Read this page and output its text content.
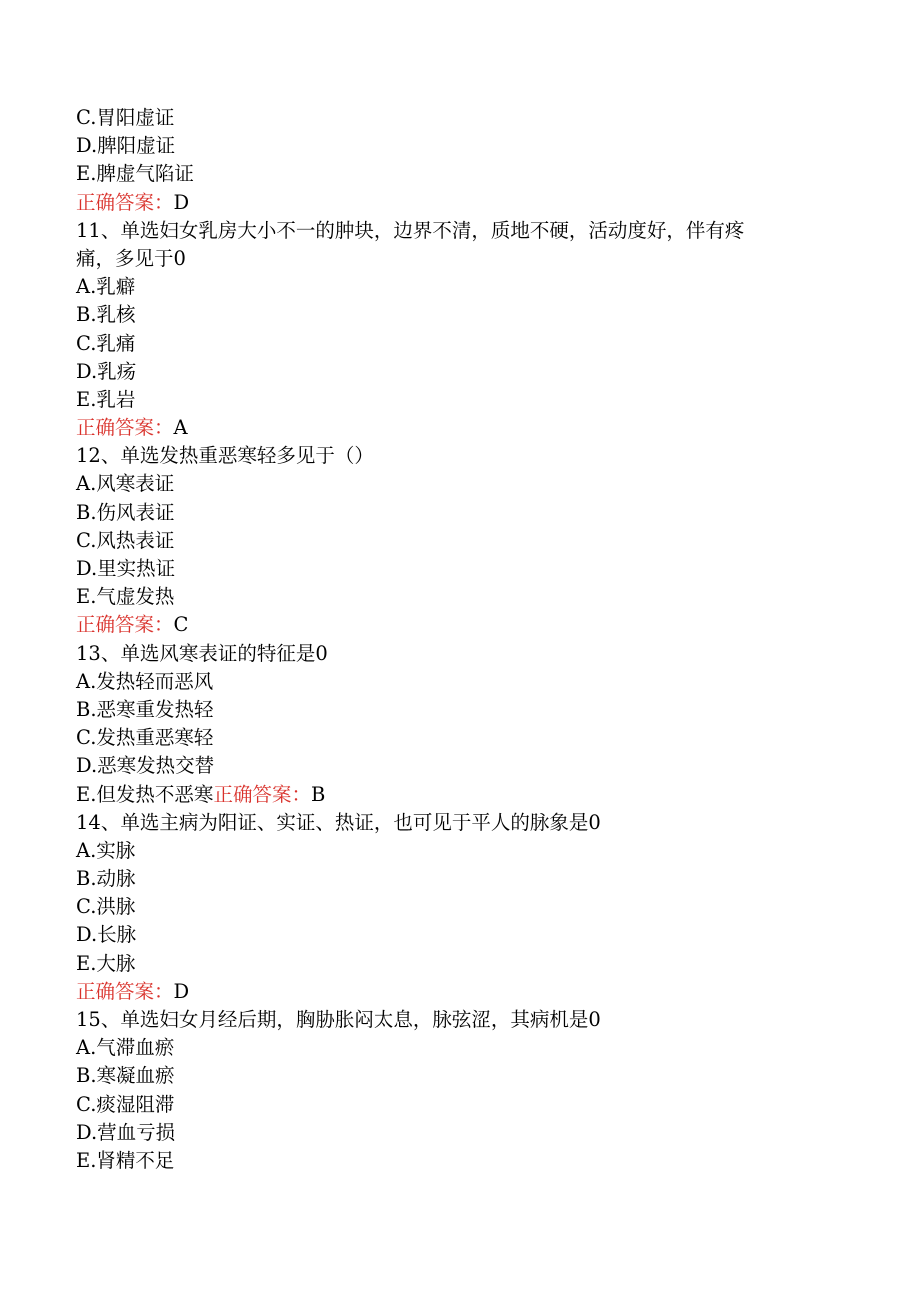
C.胃阳虚证
D.脾阳虚证
E.脾虚气陷证
正确答案：D
11、单选妇女乳房大小不一的肿块，边界不清，质地不硬，活动度好，伴有疼
痛，多见于0
A.乳癖
B.乳核
C.乳痛
D.乳疡
E.乳岩
正确答案：A
12、单选发热重恶寒轻多见于（）
A.风寒表证
B.伤风表证
C.风热表证
D.里实热证
E.气虚发热
正确答案：C
13、单选风寒表证的特征是0
A.发热轻而恶风
B.恶寒重发热轻
C.发热重恶寒轻
D.恶寒发热交替
E.但发热不恶寒正确答案：B
14、单选主病为阳证、实证、热证，也可见于平人的脉象是0
A.实脉
B.动脉
C.洪脉
D.长脉
E.大脉
正确答案：D
15、单选妇女月经后期，胸胁胀闷太息，脉弦涩，其病机是0
A.气滞血瘀
B.寒凝血瘀
C.痰湿阻滞
D.营血亏损
E.肾精不足
